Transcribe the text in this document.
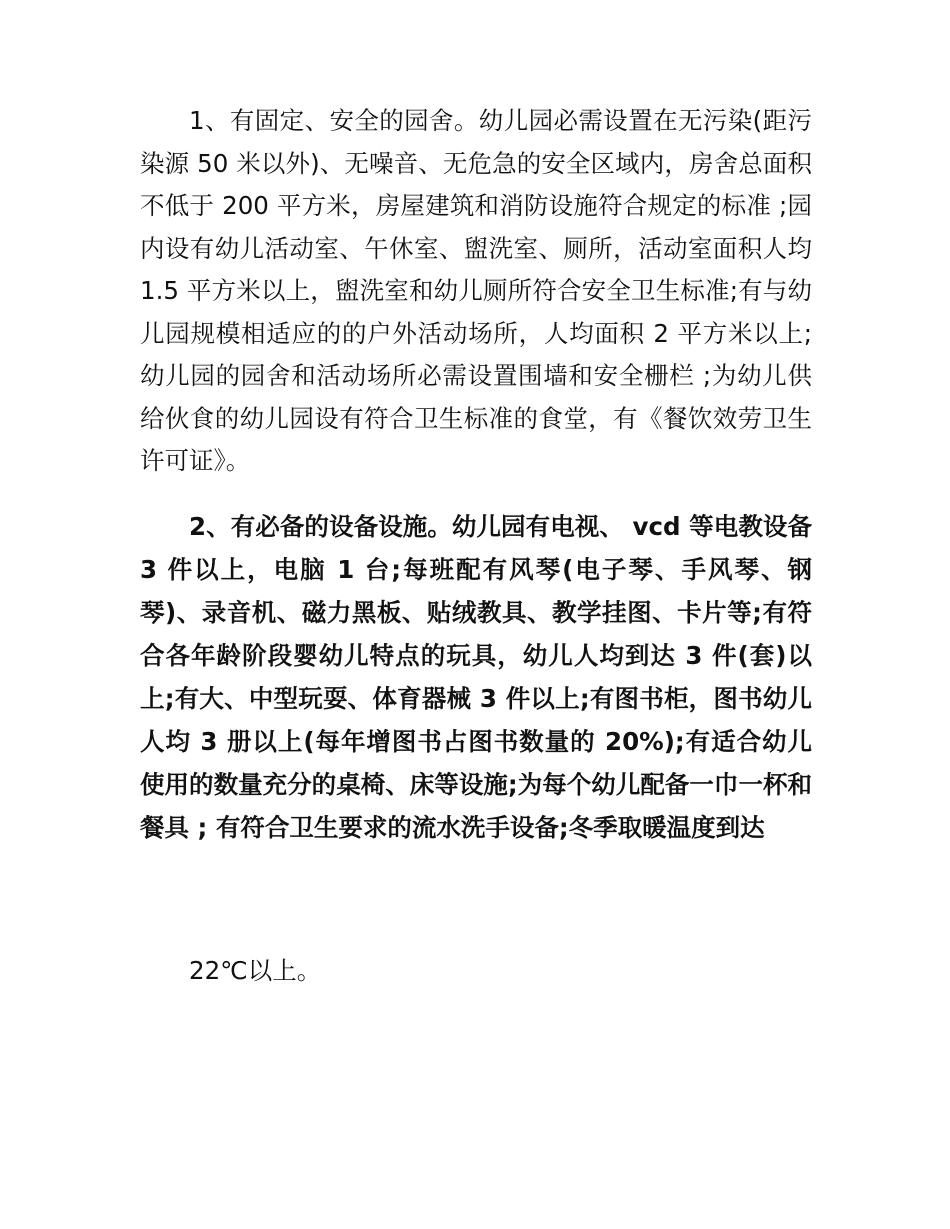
1、有固定、安全的园舍。幼儿园必需设置在无污染(距污染源 50 米以外)、无噪音、无危急的安全区域内，房舍总面积不低于 200 平方米，房屋建筑和消防设施符合规定的标准 ;园内设有幼儿活动室、午休室、盥洗室、厕所，活动室面积人均 1.5 平方米以上，盥洗室和幼儿厕所符合安全卫生标准;有与幼儿园规模相适应的的户外活动场所，人均面积 2 平方米以上;幼儿园的园舍和活动场所必需设置围墙和安全栅栏 ;为幼儿供给伙食的幼儿园设有符合卫生标准的食堂，有《餐饮效劳卫生 许可证》。

2、有必备的设备设施。幼儿园有电视、 vcd 等电教设备 3 件以上，电脑 1 台;每班配有风琴(电子琴、手风琴、钢琴)、录音机、磁力黑板、贴绒教具、教学挂图、卡片等;有符合各年龄阶段婴幼儿特点的玩具，幼儿人均到达 3 件(套)以上;有大、中型玩耍、体育器械 3 件以上;有图书柜，图书幼儿人均 3 册以上(每年增图书占图书数量的 20%);有适合幼儿使用的数量充分的桌椅、床等设施;为每个幼儿配备一巾一杯和餐具 ; 有符合卫生要求的流水洗手设备;冬季取暖温度到达

22℃以上。
